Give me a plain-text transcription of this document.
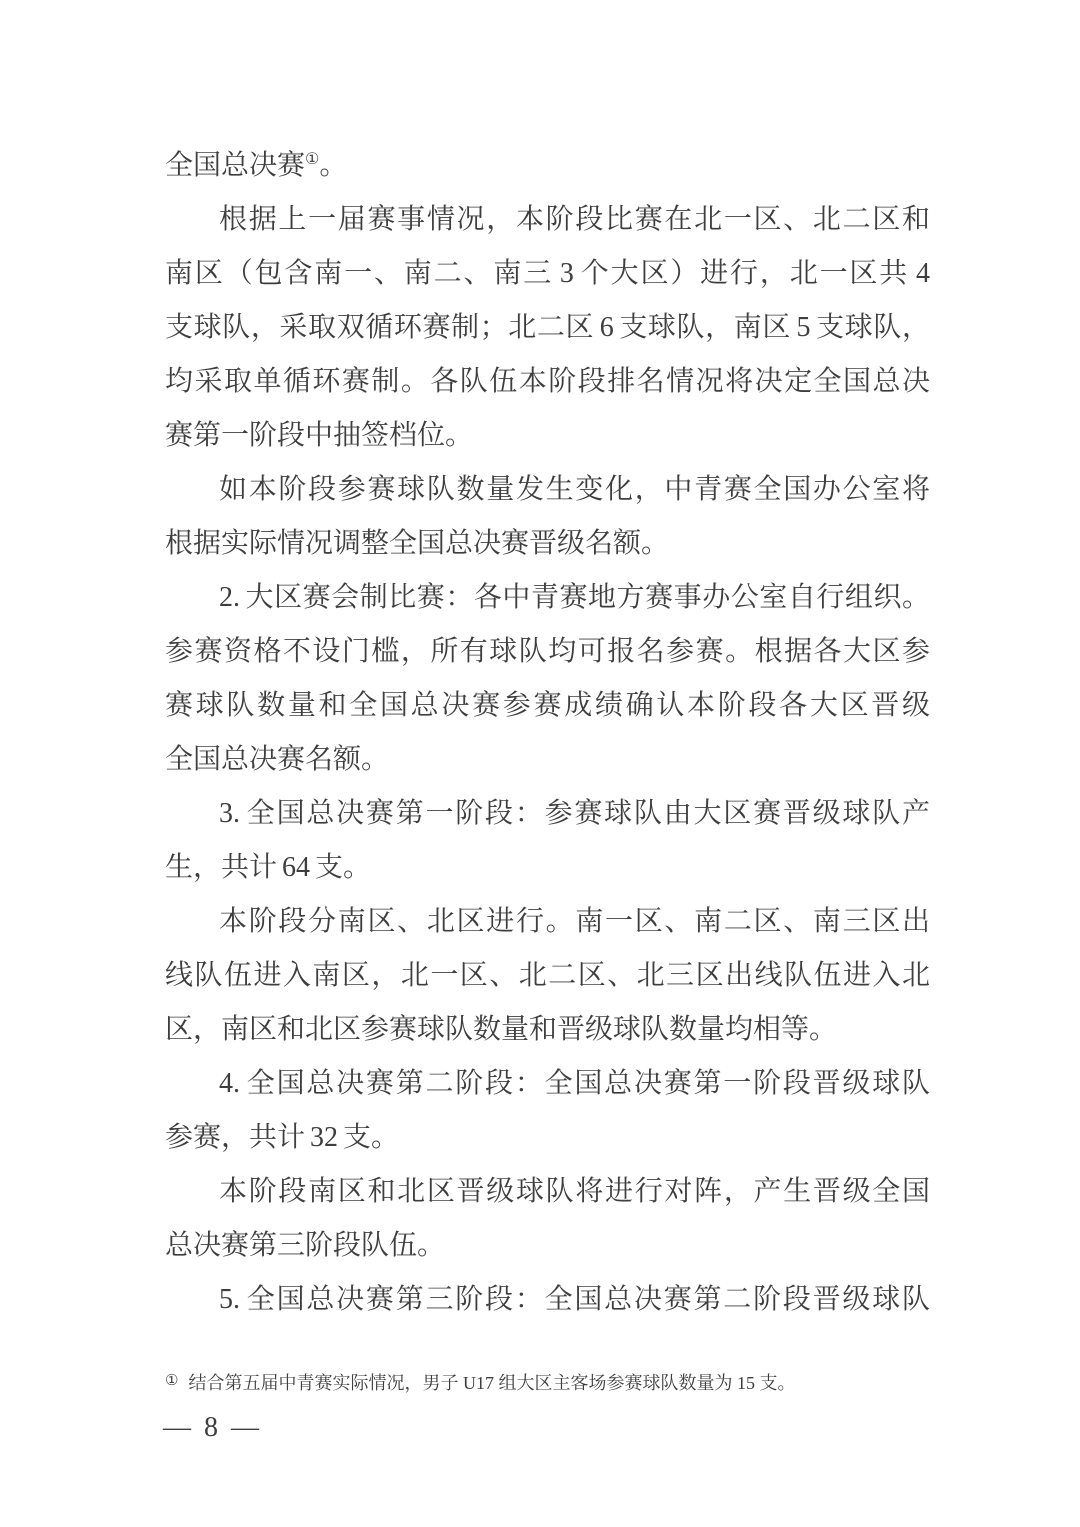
全国总决赛①。
根据上一届赛事情况，本阶段比赛在北一区、北二区和
南区（包含南一、南二、南三 3 个大区）进行，北一区共 4
支球队，采取双循环赛制；北二区 6 支球队，南区 5 支球队，
均采取单循环赛制。各队伍本阶段排名情况将决定全国总决
赛第一阶段中抽签档位。
如本阶段参赛球队数量发生变化，中青赛全国办公室将
根据实际情况调整全国总决赛晋级名额。
2. 大区赛会制比赛：各中青赛地方赛事办公室自行组织。
参赛资格不设门槛，所有球队均可报名参赛。根据各大区参
赛球队数量和全国总决赛参赛成绩确认本阶段各大区晋级
全国总决赛名额。
3. 全国总决赛第一阶段：参赛球队由大区赛晋级球队产
生，共计 64 支。
本阶段分南区、北区进行。南一区、南二区、南三区出
线队伍进入南区，北一区、北二区、北三区出线队伍进入北
区，南区和北区参赛球队数量和晋级球队数量均相等。
4. 全国总决赛第二阶段：全国总决赛第一阶段晋级球队
参赛，共计 32 支。
本阶段南区和北区晋级球队将进行对阵，产生晋级全国
总决赛第三阶段队伍。
5. 全国总决赛第三阶段：全国总决赛第二阶段晋级球队
① 结合第五届中青赛实际情况，男子 U17 组大区主客场参赛球队数量为 15 支。
— 8 —
